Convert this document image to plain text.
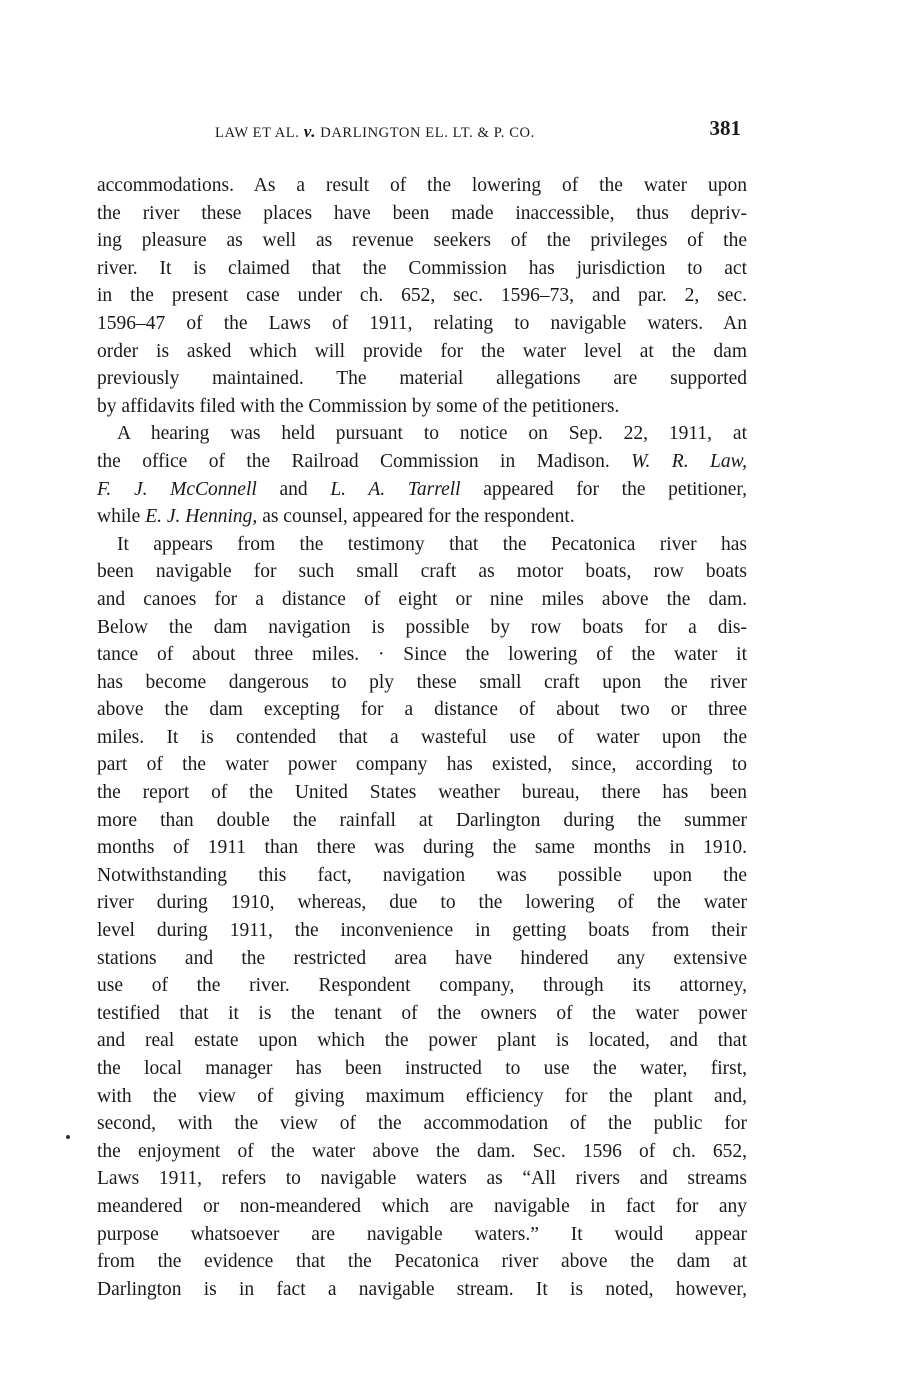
LAW ET AL. v. DARLINGTON EL. LT. & P. CO.	381
accommodations. As a result of the lowering of the water upon
the river these places have been made inaccessible, thus depriv-
ing pleasure as well as revenue seekers of the privileges of the
river. It is claimed that the Commission has jurisdiction to act
in the present case under ch. 652, sec. 1596–73, and par. 2, sec.
1596–47 of the Laws of 1911, relating to navigable waters. An
order is asked which will provide for the water level at the dam
previously maintained. The material allegations are supported
by affidavits filed with the Commission by some of the petitioners.
A hearing was held pursuant to notice on Sep. 22, 1911, at
the office of the Railroad Commission in Madison. W. R. Law,
F. J. McConnell and L. A. Tarrell appeared for the petitioner,
while E. J. Henning, as counsel, appeared for the respondent.
It appears from the testimony that the Pecatonica river has
been navigable for such small craft as motor boats, row boats
and canoes for a distance of eight or nine miles above the dam.
Below the dam navigation is possible by row boats for a dis-
tance of about three miles. · Since the lowering of the water it
has become dangerous to ply these small craft upon the river
above the dam excepting for a distance of about two or three
miles. It is contended that a wasteful use of water upon the
part of the water power company has existed, since, according to
the report of the United States weather bureau, there has been
more than double the rainfall at Darlington during the summer
months of 1911 than there was during the same months in 1910.
Notwithstanding this fact, navigation was possible upon the
river during 1910, whereas, due to the lowering of the water
level during 1911, the inconvenience in getting boats from their
stations and the restricted area have hindered any extensive
use of the river. Respondent company, through its attorney,
testified that it is the tenant of the owners of the water power
and real estate upon which the power plant is located, and that
the local manager has been instructed to use the water, first,
with the view of giving maximum efficiency for the plant and,
second, with the view of the accommodation of the public for
the enjoyment of the water above the dam. Sec. 1596 of ch. 652,
Laws 1911, refers to navigable waters as “All rivers and streams
meandered or non-meandered which are navigable in fact for any
purpose whatsoever are navigable waters.” It would appear
from the evidence that the Pecatonica river above the dam at
Darlington is in fact a navigable stream. It is noted, however,
